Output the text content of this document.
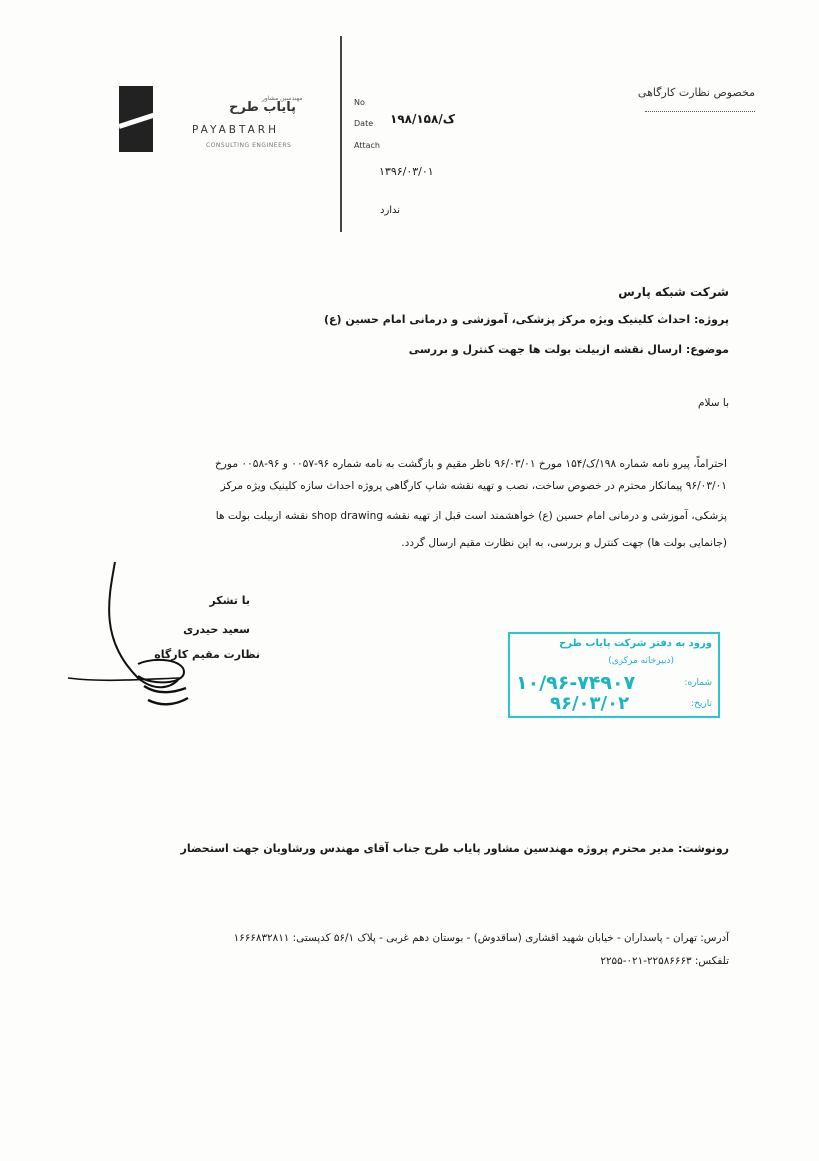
مهندسین مشاور
پایاب طرح
PAYABTARH
CONSULTING ENGINEERS
No
Date
Attach
۱۹۸/ک/۱۵۸
۱۳۹۶/۰۳/۰۱
ندارد
مخصوص نظارت کارگاهی
شرکت شبکه پارس
پروژه: احداث کلینیک ویژه مرکز پزشکی، آموزشی و درمانی امام حسین (ع)
موضوع: ارسال نقشه ازبیلت بولت ها جهت کنترل و بررسی
با سلام
احتراماً، پیرو نامه شماره ۱۹۸/ک/۱۵۴ مورخ ۹۶/۰۳/۰۱ ناظر مقیم و بازگشت به نامه شماره ۹۶-۰۰۵۷ و ۹۶-۰۰۵۸ مورخ
۹۶/۰۳/۰۱ پیمانکار محترم در خصوص ساخت، نصب و تهیه نقشه شاپ کارگاهی پروژه احداث سازه کلینیک ویژه مرکز
پزشکی، آموزشی و درمانی امام حسین (ع) خواهشمند است قبل از تهیه نقشه shop drawing نقشه ازبیلت بولت ها
(جانمایی بولت ها) جهت کنترل و بررسی، به این نظارت مقیم ارسال گردد.
با تشکر
سعید حیدری
نظارت مقیم کارگاه
ورود به دفتر شرکت پایاب طرح
(دبیرخانه مرکزی)
شماره:
۱۰/۹۶-۷۴۹۰۷
تاریخ:
۹۶/۰۳/۰۲
رونوشت: مدیر محترم پروژه مهندسین مشاور پایاب طرح جناب آقای مهندس ورشاویان جهت استحضار
آدرس: تهران - پاسداران - خیابان شهید اقشاری (ساقدوش) - بوستان دهم غربی - پلاک ۵۶/۱ کدپستی: ۱۶۶۶۸۳۲۸۱۱
تلفکس: ۲۲۵۸۶۶۶۳-۰۲۱-۲۲۵۵
